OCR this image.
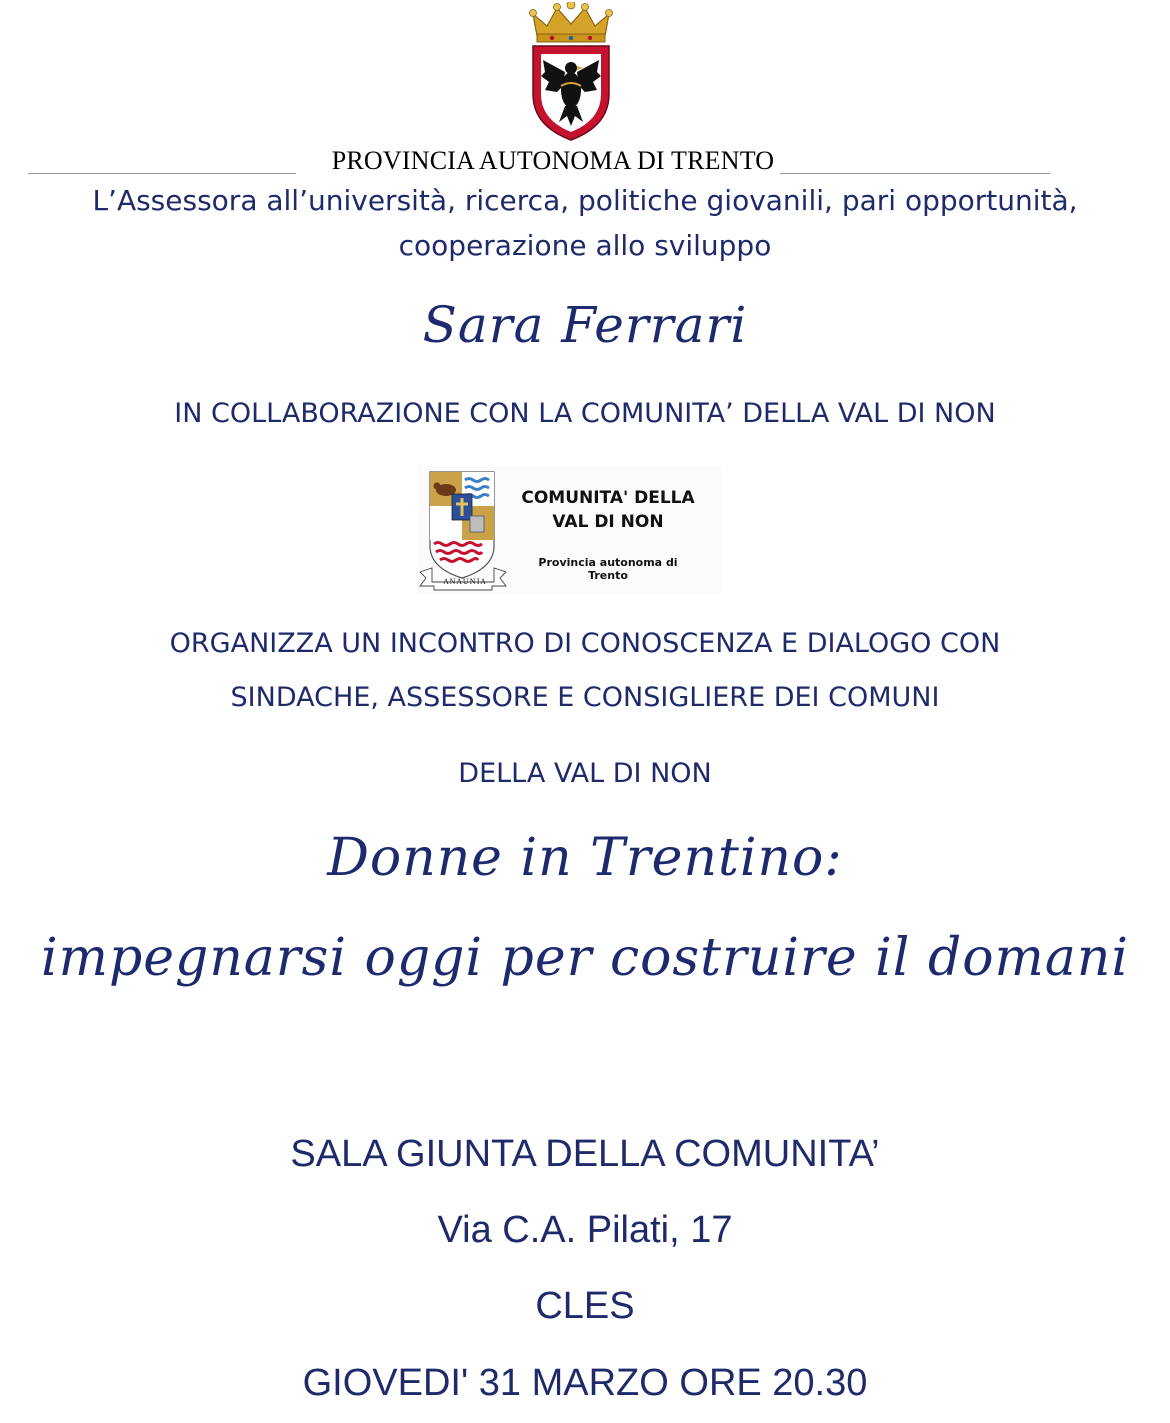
PROVINCIA AUTONOMA DI TRENTO
L’Assessora all’università, ricerca, politiche giovanili, pari opportunità,
cooperazione allo sviluppo
Sara Ferrari
IN COLLABORAZIONE CON LA COMUNITA’ DELLA VAL DI NON
ANAUNIA
COMUNITA' DELLA
VAL DI NON
Provincia autonoma di Trento
ORGANIZZA UN INCONTRO DI CONOSCENZA E DIALOGO CON
SINDACHE, ASSESSORE E CONSIGLIERE DEI COMUNI
DELLA VAL DI NON
Donne in Trentino:
impegnarsi oggi per costruire il domani
SALA GIUNTA DELLA COMUNITA’
Via C.A. Pilati, 17
CLES
GIOVEDI' 31 MARZO ORE 20.30
